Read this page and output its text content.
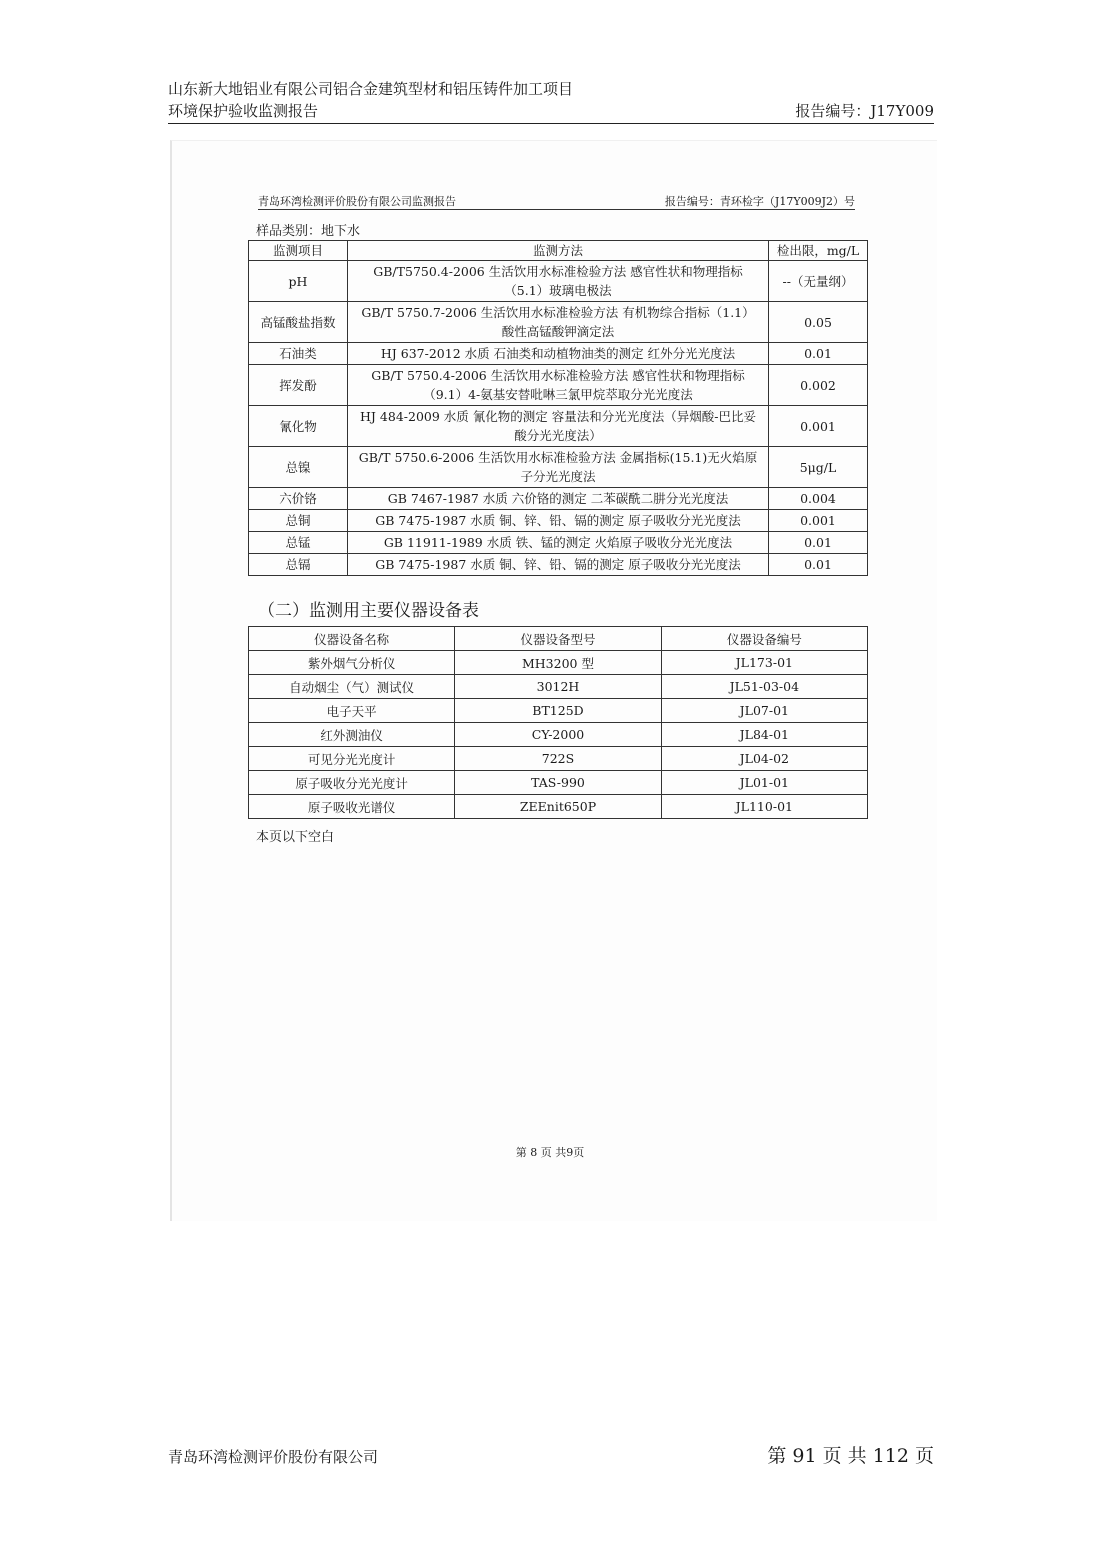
山东新大地铝业有限公司铝合金建筑型材和铝压铸件加工项目
环境保护验收监测报告	报告编号：J17Y009
青岛环湾检测评价股份有限公司监测报告	报告编号：青环检字（J17Y009J2）号
样品类别：地下水
监测项目	监测方法	检出限，mg/L
pH	GB/T5750.4-2006 生活饮用水标准检验方法 感官性状和物理指标（5.1）玻璃电极法	--（无量纲）
高锰酸盐指数	GB/T 5750.7-2006 生活饮用水标准检验方法 有机物综合指标（1.1）酸性高锰酸钾滴定法	0.05
石油类	HJ 637-2012 水质 石油类和动植物油类的测定 红外分光光度法	0.01
挥发酚	GB/T 5750.4-2006 生活饮用水标准检验方法 感官性状和物理指标（9.1）4-氨基安替吡啉三氯甲烷萃取分光光度法	0.002
氰化物	HJ 484-2009 水质 氰化物的测定 容量法和分光光度法（异烟酸-巴比妥酸分光光度法）	0.001
总镍	GB/T 5750.6-2006 生活饮用水标准检验方法 金属指标(15.1)无火焰原子分光光度法	5μg/L
六价铬	GB 7467-1987 水质 六价铬的测定 二苯碳酰二肼分光光度法	0.004
总铜	GB 7475-1987 水质 铜、锌、铅、镉的测定 原子吸收分光光度法	0.001
总锰	GB 11911-1989 水质 铁、锰的测定 火焰原子吸收分光光度法	0.01
总镉	GB 7475-1987 水质 铜、锌、铅、镉的测定 原子吸收分光光度法	0.01
（二）监测用主要仪器设备表
仪器设备名称	仪器设备型号	仪器设备编号
紫外烟气分析仪	MH3200 型	JL173-01
自动烟尘（气）测试仪	3012H	JL51-03-04
电子天平	BT125D	JL07-01
红外测油仪	CY-2000	JL84-01
可见分光光度计	722S	JL04-02
原子吸收分光光度计	TAS-990	JL01-01
原子吸收光谱仪	ZEEnit650P	JL110-01
本页以下空白
第 8 页 共9页
青岛环湾检测评价股份有限公司	第 91 页 共 112 页
